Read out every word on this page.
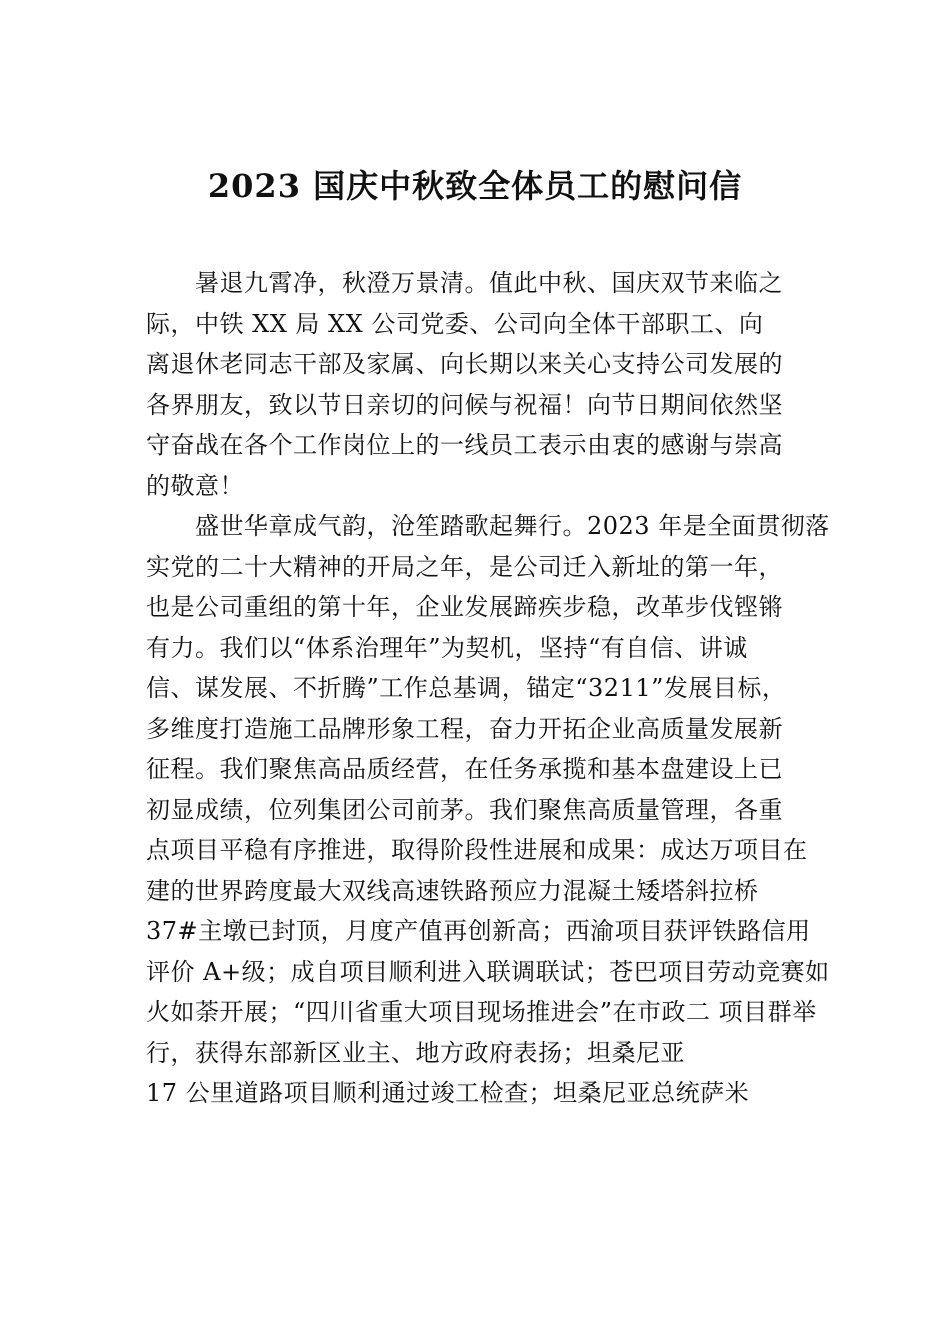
2023 国庆中秋致全体员工的慰问信
暑退九霄净，秋澄万景清。值此中秋、国庆双节来临之
际，中铁 XX 局 XX 公司党委、公司向全体干部职工、向
离退休老同志干部及家属、向长期以来关心支持公司发展的
各界朋友，致以节日亲切的问候与祝福！向节日期间依然坚
守奋战在各个工作岗位上的一线员工表示由衷的感谢与崇高
的敬意！
盛世华章成气韵，沧笙踏歌起舞行。2023 年是全面贯彻落
实党的二十大精神的开局之年，是公司迁入新址的第一年，
也是公司重组的第十年，企业发展蹄疾步稳，改革步伐铿锵
有力。我们以“体系治理年”为契机，坚持“有自信、讲诚
信、谋发展、不折腾”工作总基调，锚定“3211”发展目标，
多维度打造施工品牌形象工程，奋力开拓企业高质量发展新
征程。我们聚焦高品质经营，在任务承揽和基本盘建设上已
初显成绩，位列集团公司前茅。我们聚焦高质量管理，各重
点项目平稳有序推进，取得阶段性进展和成果：成达万项目在
建的世界跨度最大双线高速铁路预应力混凝土矮塔斜拉桥
37#主墩已封顶，月度产值再创新高；西渝项目获评铁路信用
评价 A+级；成自项目顺利进入联调联试；苍巴项目劳动竞赛如
火如荼开展；“四川省重大项目现场推进会”在市政二 项目群举
行，获得东部新区业主、地方政府表扬；坦桑尼亚
17 公里道路项目顺利通过竣工检查；坦桑尼亚总统萨米
